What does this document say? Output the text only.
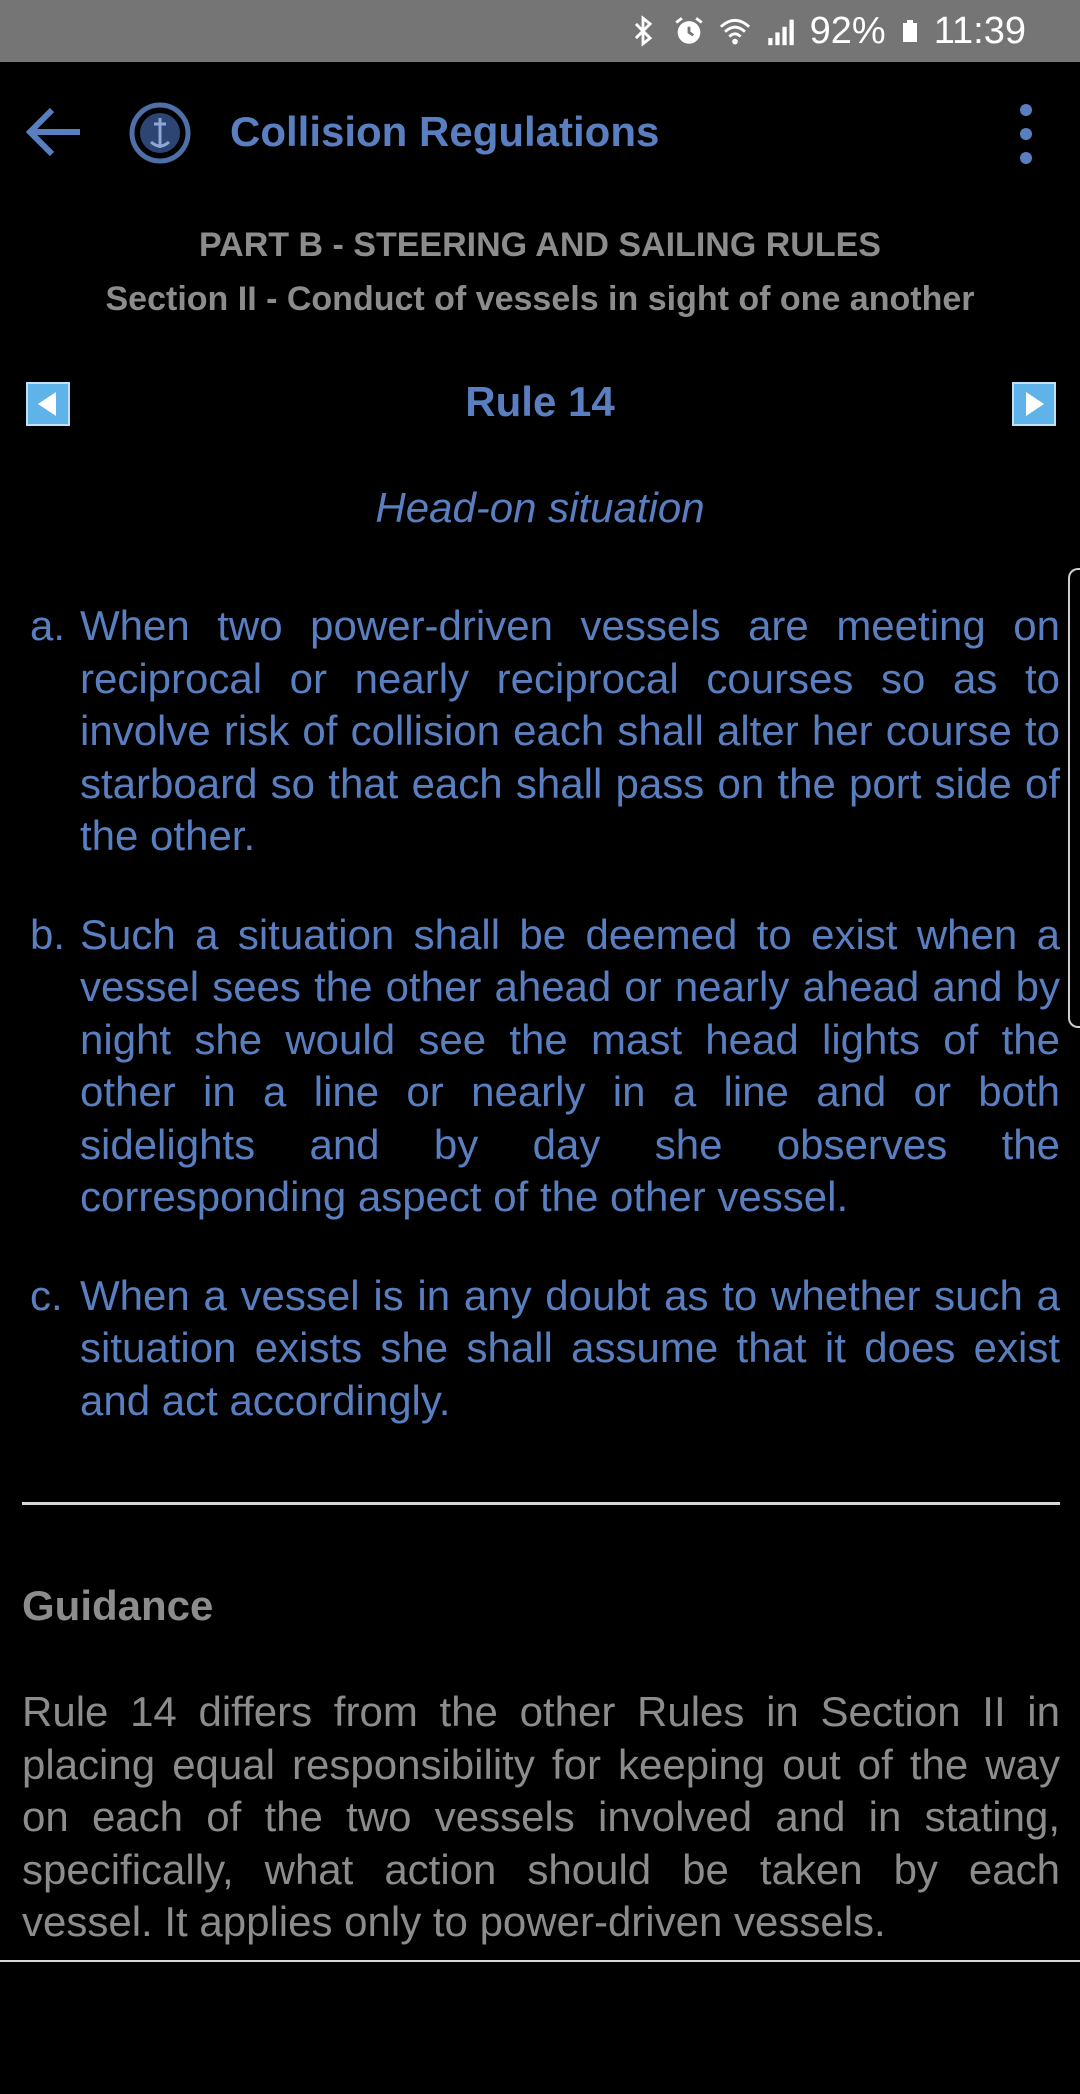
92% 11:39
Collision Regulations
PART B - STEERING AND SAILING RULES
Section II - Conduct of vessels in sight of one another
Rule 14
Head-on situation
a. When two power-driven vessels are meeting on reciprocal or nearly reciprocal courses so as to involve risk of collision each shall alter her course to starboard so that each shall pass on the port side of the other.
b. Such a situation shall be deemed to exist when a vessel sees the other ahead or nearly ahead and by night she would see the mast head lights of the other in a line or nearly in a line and or both sidelights and by day she observes the corresponding aspect of the other vessel.
c. When a vessel is in any doubt as to whether such a situation exists she shall assume that it does exist and act accordingly.
Guidance
Rule 14 differs from the other Rules in Section II in placing equal responsibility for keeping out of the way on each of the two vessels involved and in stating, specifically, what action should be taken by each vessel. It applies only to power-driven vessels.
